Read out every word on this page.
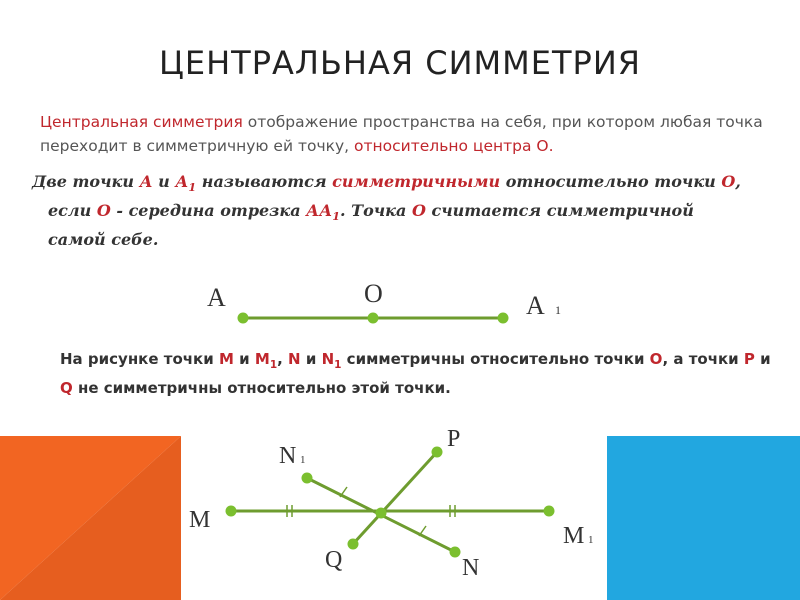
ЦЕНТРАЛЬНАЯ СИММЕТРИЯ
Центральная симметрия отображение пространства на себя, при котором любая точка переходит в симметричную ей точку, относительно центра О.
Две точки А и $А_1$ называются симметричными относительно точки О,
если О - середина отрезка $АА_1$. Точка О считается симметричной
самой себе.
A	O	A 1
На рисунке точки М и $М_1$, N и $N_1$ симметричны относительно точки О, а точки P и Q не симметричны относительно этой точки.
N 1
P
M
M 1
Q	N
